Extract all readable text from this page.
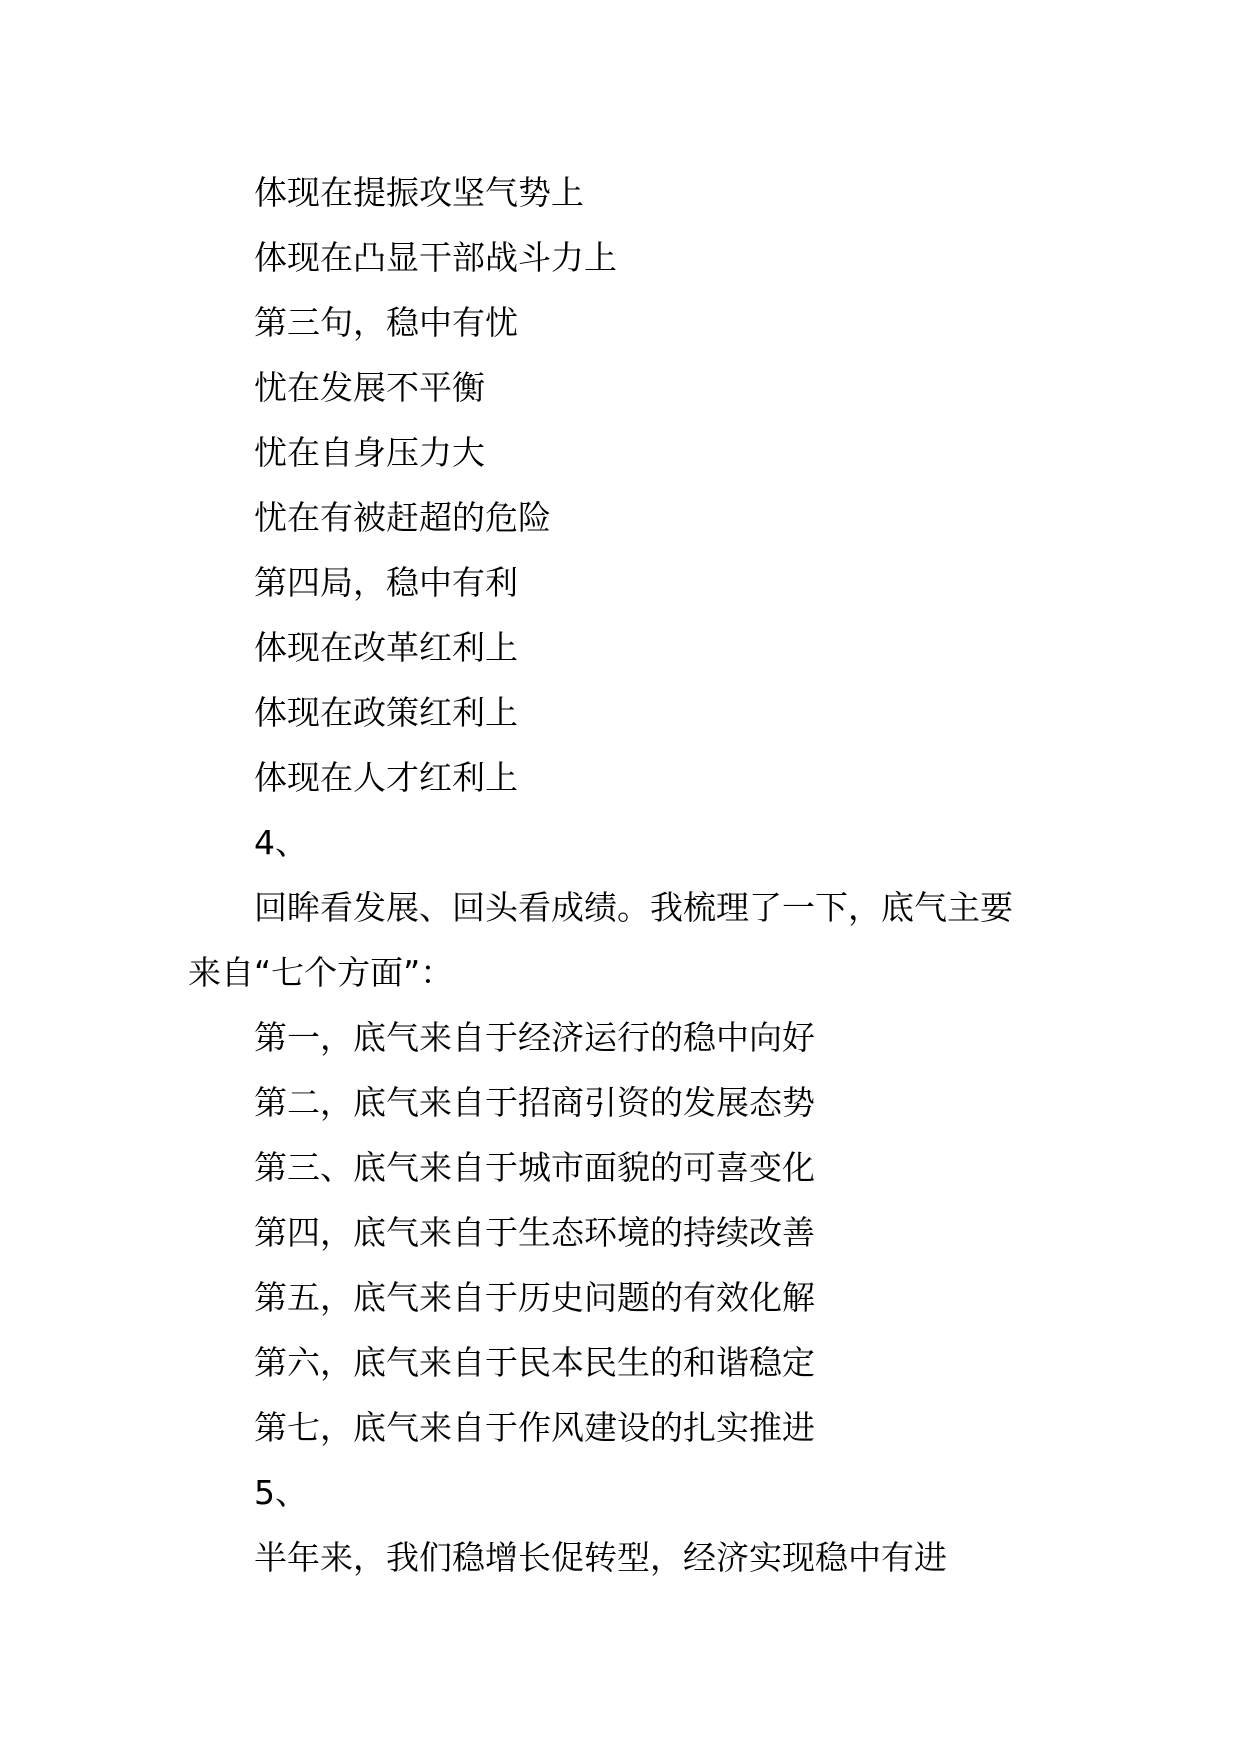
体现在提振攻坚气势上
体现在凸显干部战斗力上
第三句，稳中有忧
忧在发展不平衡
忧在自身压力大
忧在有被赶超的危险
第四局，稳中有利
体现在改革红利上
体现在政策红利上
体现在人才红利上
4、
回眸看发展、回头看成绩。我梳理了一下，底气主要
来自“七个方面”：
第一，底气来自于经济运行的稳中向好
第二，底气来自于招商引资的发展态势
第三、底气来自于城市面貌的可喜变化
第四，底气来自于生态环境的持续改善
第五，底气来自于历史问题的有效化解
第六，底气来自于民本民生的和谐稳定
第七，底气来自于作风建设的扎实推进
5、
半年来，我们稳增长促转型，经济实现稳中有进
